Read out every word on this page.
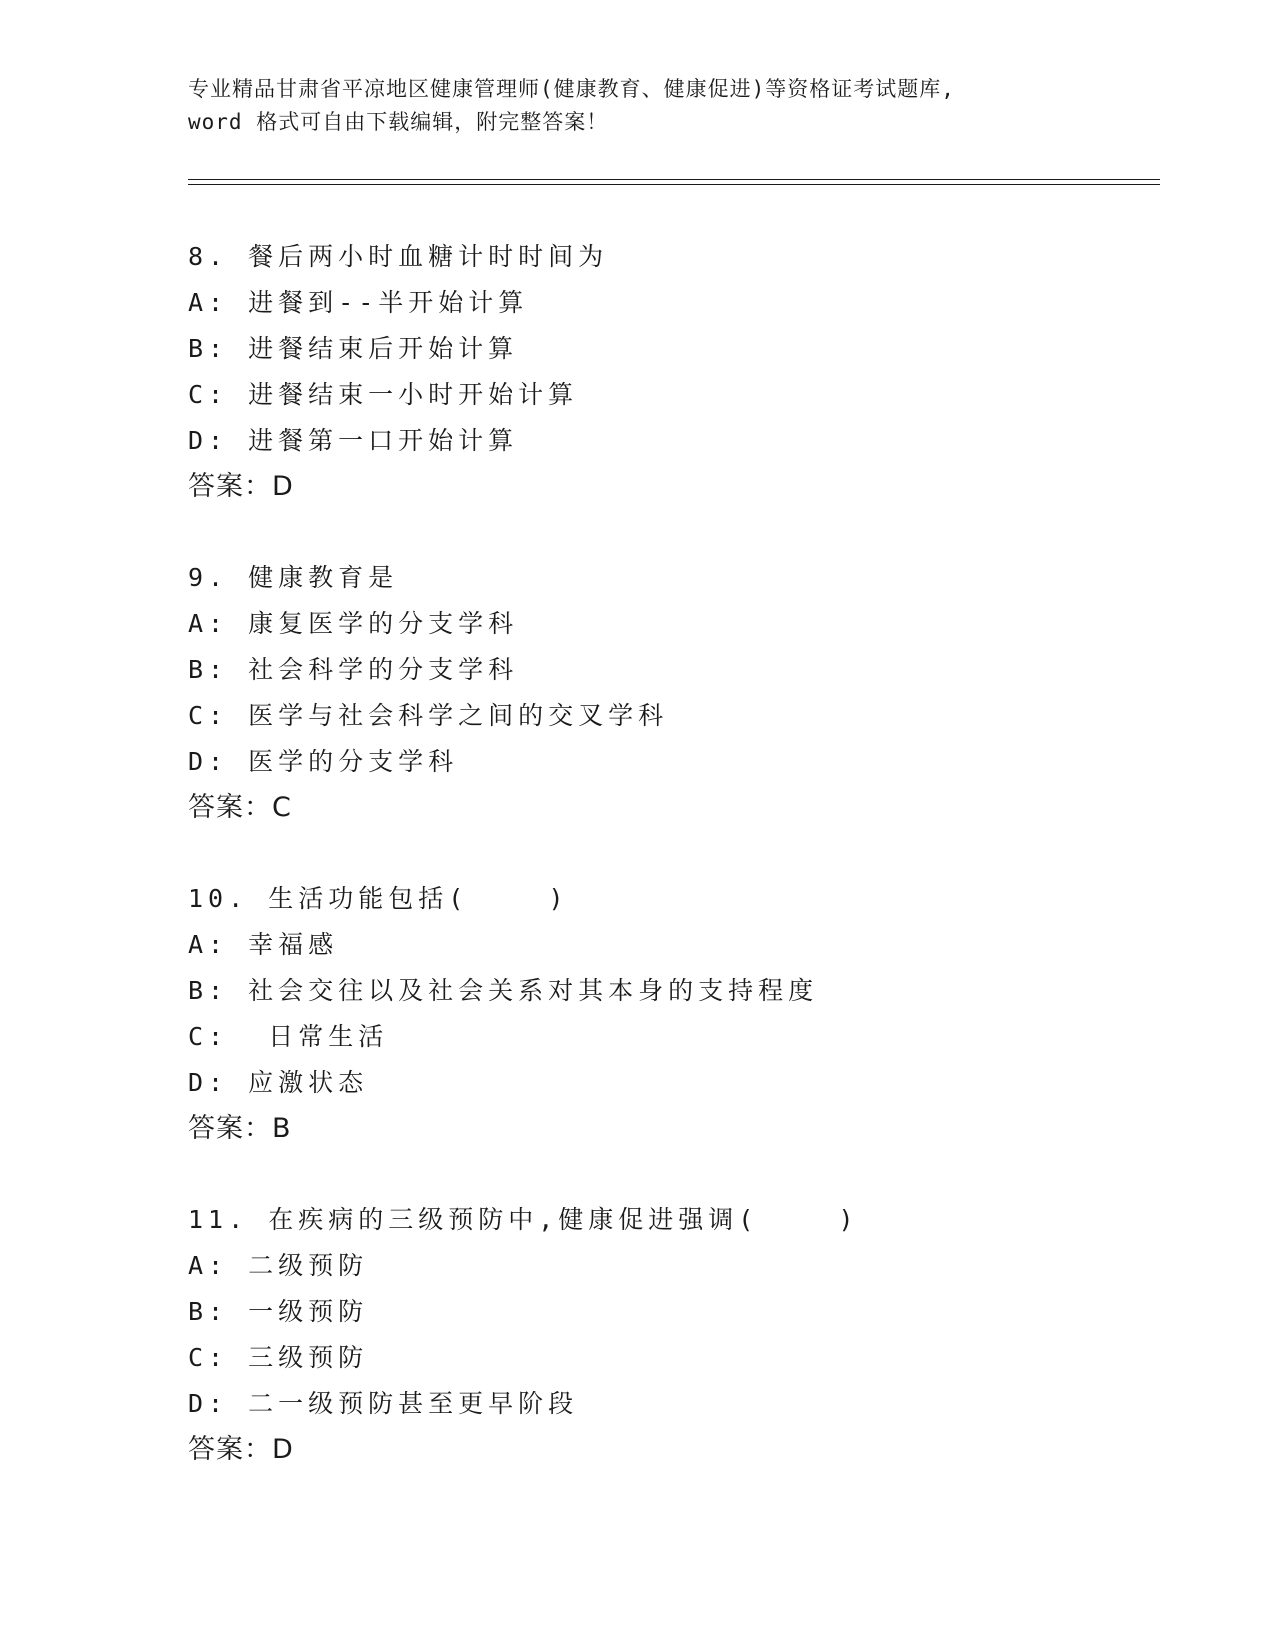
专业精品甘肃省平凉地区健康管理师(健康教育、健康促进)等资格证考试题库,
word 格式可自由下载编辑，附完整答案！
8. 餐后两小时血糖计时时间为
A: 进餐到--半开始计算
B: 进餐结束后开始计算
C: 进餐结束一小时开始计算
D: 进餐第一口开始计算
答案：D
9. 健康教育是
A: 康复医学的分支学科
B: 社会科学的分支学科
C: 医学与社会科学之间的交叉学科
D: 医学的分支学科
答案：C
10. 生活功能包括(    )
A: 幸福感
B: 社会交往以及社会关系对其本身的支持程度
C:  日常生活
D: 应激状态
答案：B
11. 在疾病的三级预防中,健康促进强调(    )
A: 二级预防
B: 一级预防
C: 三级预防
D: 二一级预防甚至更早阶段
答案：D
